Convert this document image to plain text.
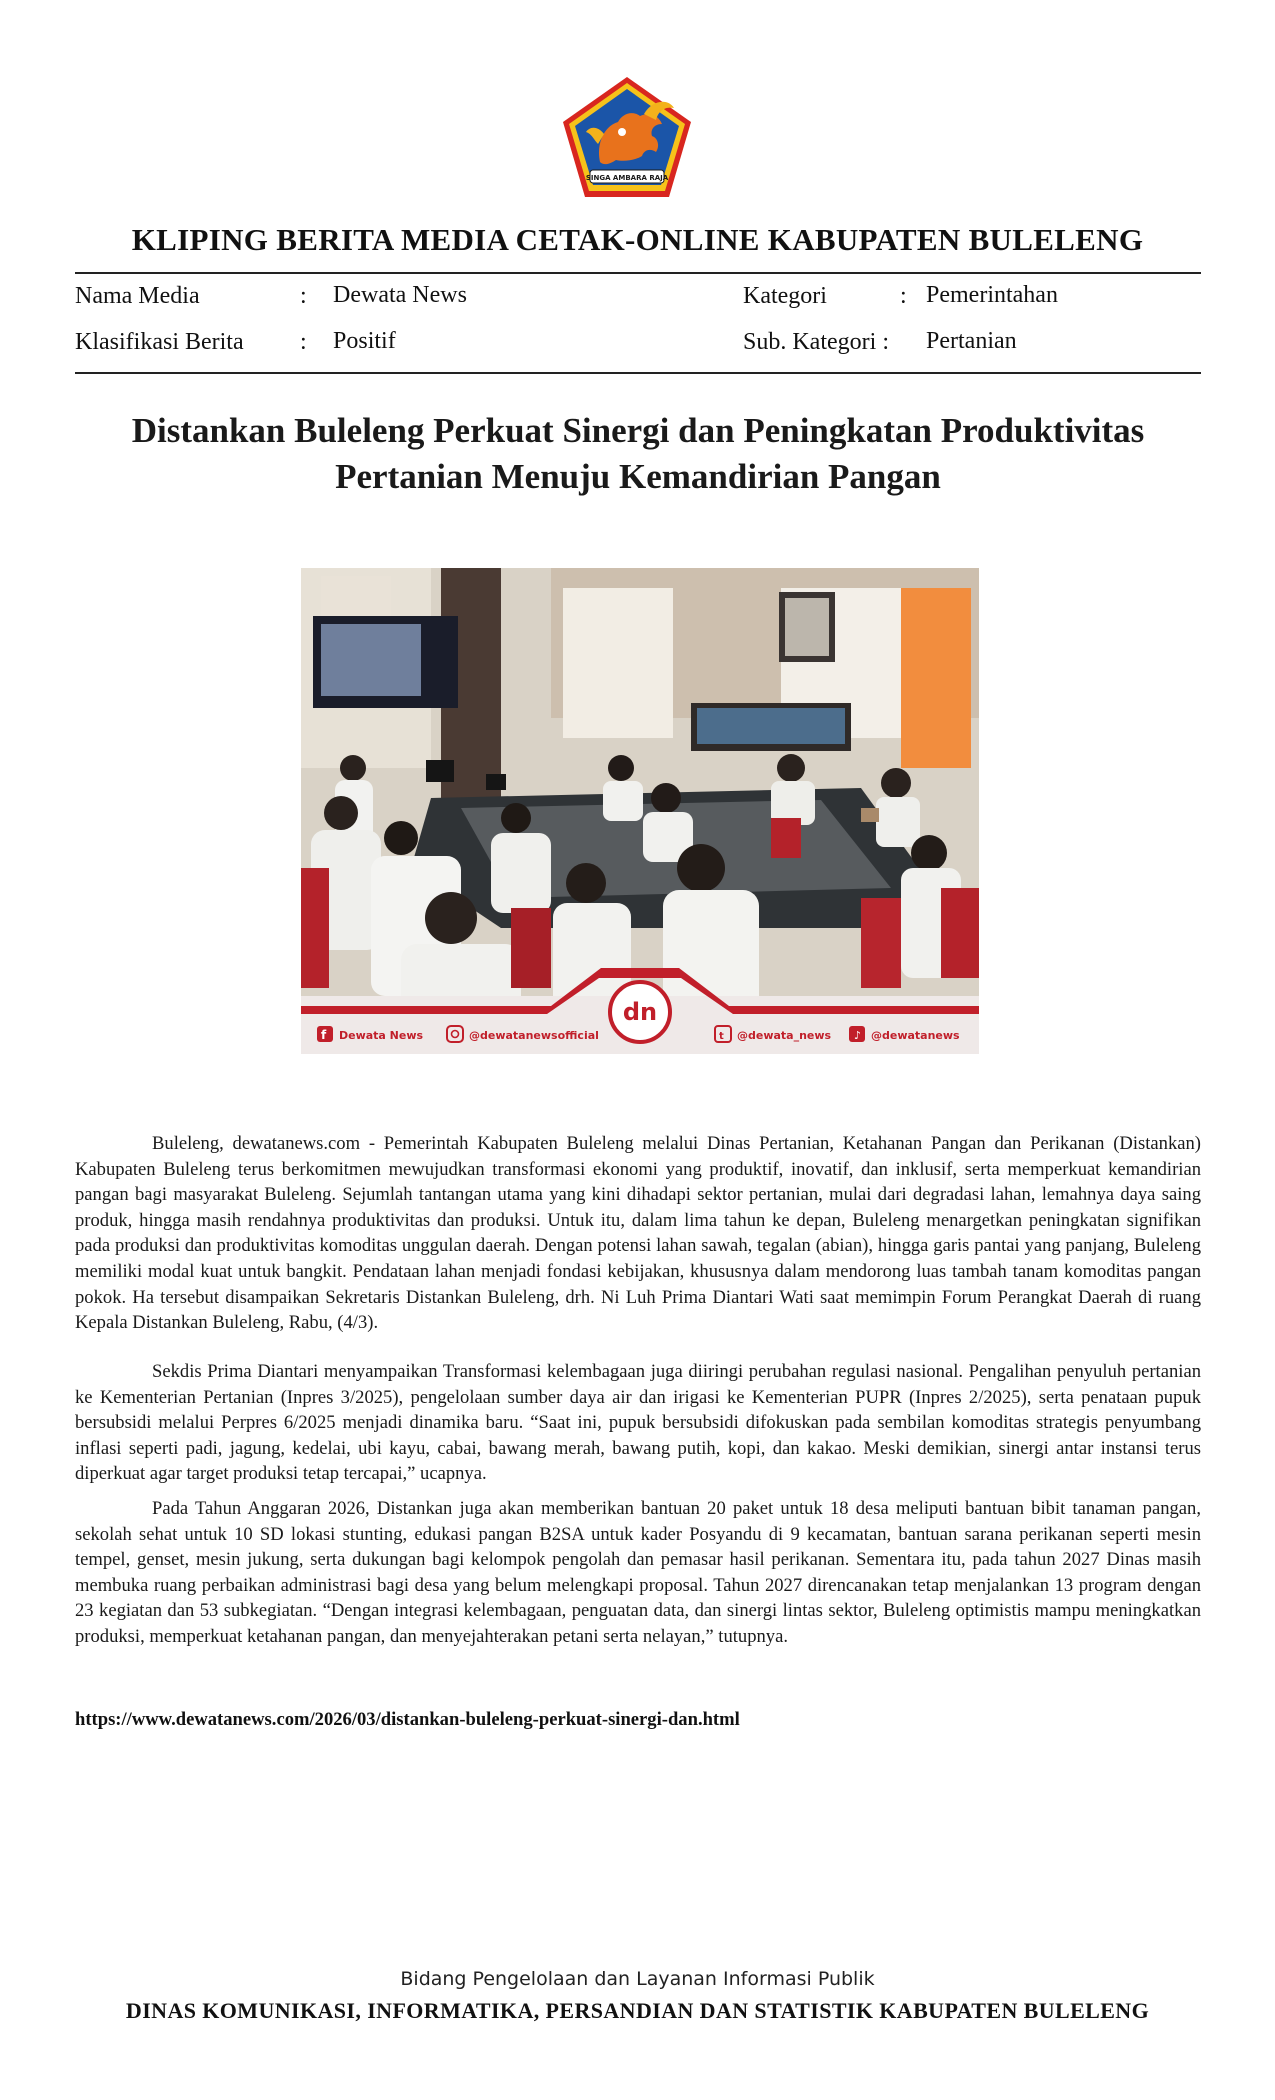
SINGA AMBARA RAJA
KLIPING BERITA MEDIA CETAK-ONLINE KABUPATEN BULELENG
Nama Media	: Dewata News
Klasifikasi Berita : Positif
Kategori	: Pemerintahan
Sub. Kategori : Pertanian
Distankan Buleleng Perkuat Sinergi dan Peningkatan Produktivitas
Pertanian Menuju Kemandirian Pangan
dn
f Dewata News	@dewatanewsofficial	t @dewata_news ♪ @dewatanews

Buleleng, dewatanews.com - Pemerintah Kabupaten Buleleng melalui Dinas Pertanian, Ketahanan Pangan dan Perikanan (Distankan) Kabupaten Buleleng terus berkomitmen mewujudkan transformasi ekonomi yang produktif, inovatif, dan inklusif, serta memperkuat kemandirian pangan bagi masyarakat Buleleng. Sejumlah tantangan utama yang kini dihadapi sektor pertanian, mulai dari degradasi lahan, lemahnya daya saing produk, hingga masih rendahnya produktivitas dan produksi. Untuk itu, dalam lima tahun ke depan, Buleleng menargetkan peningkatan signifikan pada produksi dan produktivitas komoditas unggulan daerah. Dengan potensi lahan sawah, tegalan (abian), hingga garis pantai yang panjang, Buleleng memiliki modal kuat untuk bangkit. Pendataan lahan menjadi fondasi kebijakan, khususnya dalam mendorong luas tambah tanam komoditas pangan pokok. Ha tersebut disampaikan Sekretaris Distankan Buleleng, drh. Ni Luh Prima Diantari Wati saat memimpin Forum Perangkat Daerah di ruang Kepala Distankan Buleleng, Rabu, (4/3).

Sekdis Prima Diantari menyampaikan Transformasi kelembagaan juga diiringi perubahan regulasi nasional. Pengalihan penyuluh pertanian ke Kementerian Pertanian (Inpres 3/2025), pengelolaan sumber daya air dan irigasi ke Kementerian PUPR (Inpres 2/2025), serta penataan pupuk bersubsidi melalui Perpres 6/2025 menjadi dinamika baru. “Saat ini, pupuk bersubsidi difokuskan pada sembilan komoditas strategis penyumbang inflasi seperti padi, jagung, kedelai, ubi kayu, cabai, bawang merah, bawang putih, kopi, dan kakao. Meski demikian, sinergi antar instansi terus diperkuat agar target produksi tetap tercapai,” ucapnya.

Pada Tahun Anggaran 2026, Distankan juga akan memberikan bantuan 20 paket untuk 18 desa meliputi bantuan bibit tanaman pangan, sekolah sehat untuk 10 SD lokasi stunting, edukasi pangan B2SA untuk kader Posyandu di 9 kecamatan, bantuan sarana perikanan seperti mesin tempel, genset, mesin jukung, serta dukungan bagi kelompok pengolah dan pemasar hasil perikanan. Sementara itu, pada tahun 2027 Dinas masih membuka ruang perbaikan administrasi bagi desa yang belum melengkapi proposal. Tahun 2027 direncanakan tetap menjalankan 13 program dengan 23 kegiatan dan 53 subkegiatan. “Dengan integrasi kelembagaan, penguatan data, dan sinergi lintas sektor, Buleleng optimistis mampu meningkatkan produksi, memperkuat ketahanan pangan, dan menyejahterakan petani serta nelayan,” tutupnya.

https://www.dewatanews.com/2026/03/distankan-buleleng-perkuat-sinergi-dan.html
Bidang Pengelolaan dan Layanan Informasi Publik
DINAS KOMUNIKASI, INFORMATIKA, PERSANDIAN DAN STATISTIK KABUPATEN BULELENG
